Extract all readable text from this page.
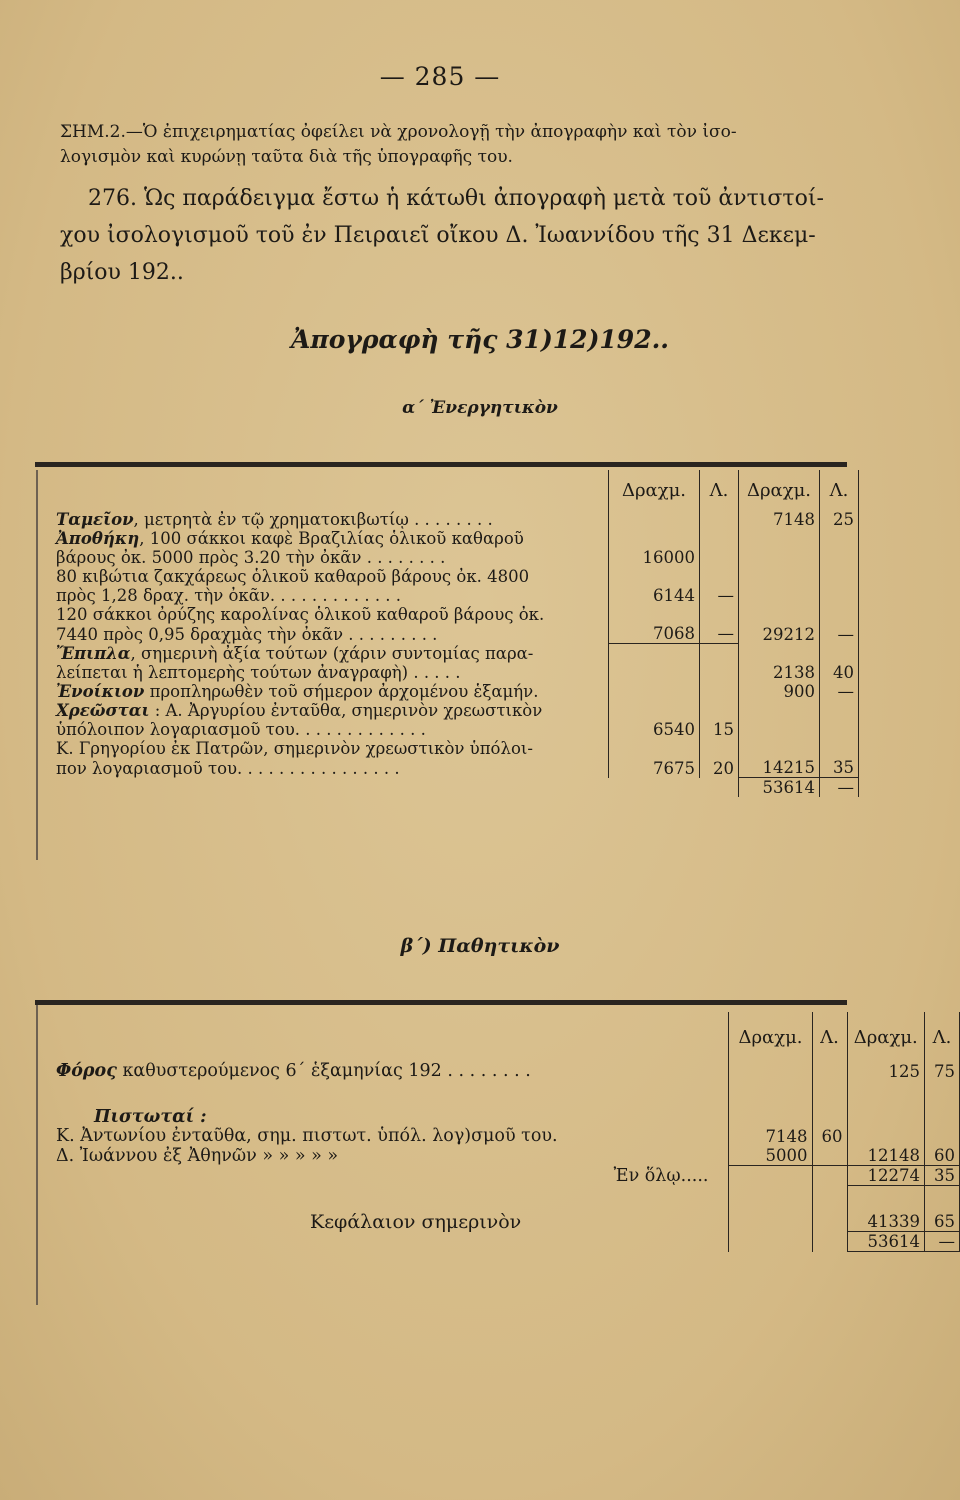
— 285 —
ΣΗΜ.2.—Ὁ ἐπιχειρηματίας ὀφείλει νὰ χρονολογῇ τὴν ἀπογραφὴν καὶ τὸν ἰσο-
λογισμὸν καὶ κυρώνῃ ταῦτα διὰ τῆς ὑπογραφῆς του.
276. Ὡς παράδειγμα ἔστω ἡ κάτωθι ἀπογραφὴ μετὰ τοῦ ἀντιστοί-
χου ἰσολογισμοῦ τοῦ ἐν Πειραιεῖ οἴκου Δ. Ἰωαννίδου τῆς 31 Δεκεμ-
βρίου 192..
Ἀπογραφὴ τῆς 31)12)192..
α΄ Ἐνεργητικὸν
	Δραχμ.	Λ.	Δραχμ.	Λ.
Ταμεῖον, μετρητὰ ἐν τῷ χρηματοκιβωτίῳ . . . . . . . .			7148	25
Ἀποθήκη, 100 σάκκοι καφὲ Βραζιλίας ὁλικοῦ καθαροῦ				
βάρους ὀκ. 5000 πρὸς 3.20 τὴν ὀκᾶν . . . . . . . .	16000			
80 κιβώτια ζακχάρεως ὁλικοῦ καθαροῦ βάρους ὀκ. 4800				
πρὸς 1,28 δραχ. τὴν ὀκᾶν. . . . . . . . . . . . .	6144	—		
120 σάκκοι ὀρύζης καρολίνας ὁλικοῦ καθαροῦ βάρους ὀκ.				
7440 πρὸς 0,95 δραχμὰς τὴν ὀκᾶν . . . . . . . . .	7068	—	29212	—
Ἔπιπλα, σημερινὴ ἀξία τούτων (χάριν συντομίας παρα-				
λείπεται ἡ λεπτομερὴς τούτων ἀναγραφὴ) . . . . .			2138	40
Ἐνοίκιον προπληρωθὲν τοῦ σήμερον ἀρχομένου ἑξαμήν.			900	—
Χρεῶσται : Α. Ἀργυρίου ἐνταῦθα, σημερινὸν χρεωστικὸν				
ὑπόλοιπον λογαριασμοῦ του. . . . . . . . . . . . .	6540	15		
Κ. Γρηγορίου ἐκ Πατρῶν, σημερινὸν χρεωστικὸν ὑπόλοι-				
πον λογαριασμοῦ του. . . . . . . . . . . . . . . .	7675	20	14215	35
			53614	—
β΄) Παθητικὸν
	Δραχμ.	Λ.	Δραχμ.	Λ.
Φόρος καθυστερούμενος 6΄ ἑξαμηνίας 192 . . . . . . . .			125	75
Πιστωταί :				
Κ. Ἀντωνίου ἐνταῦθα, σημ. πιστωτ. ὑπόλ. λογ)σμοῦ του.	7148	60		
Δ. Ἰωάννου ἐξ Ἀθηνῶν » » » » »	5000		12148	60
Ἐν ὅλῳ.....			12274	35
Κεφάλαιον σημερινὸν			41339	65
			53614	—
